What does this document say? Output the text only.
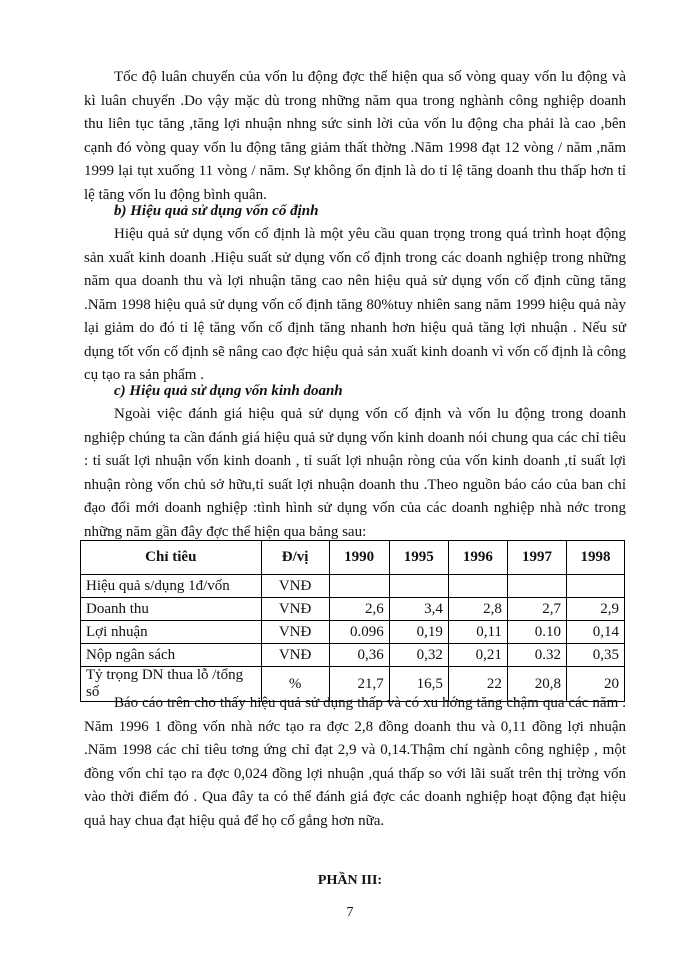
Tốc độ luân chuyển của vốn lu động đợc thể hiện qua số vòng quay vốn lu động và kì luân chuyển .Do vậy mặc dù trong những năm qua trong nghành công nghiệp doanh thu liên tục tăng ,tăng lợi nhuận nhng sức sinh lời của vốn lu động cha phải là cao ,bên cạnh đó vòng quay vốn lu động tăng giảm thất thờng .Năm 1998 đạt 12 vòng / năm ,năm 1999 lại tụt xuống 11 vòng / năm. Sự không ổn định là do tỉ lệ tăng doanh thu thấp hơn tỉ lệ tăng vốn lu động bình quân.

b) Hiệu quả sử dụng vốn cố định

Hiệu quả sử dụng vốn cố định là một yêu cầu quan trọng trong quá trình hoạt động sản xuất kinh doanh .Hiệu suất sử dụng vốn cố định trong các doanh nghiệp trong những năm qua doanh thu và lợi nhuận tăng cao nên hiệu quả sử dụng vốn cố định cũng tăng .Năm 1998 hiệu quả sử dụng vốn cố định tăng 80%tuy nhiên sang năm 1999 hiệu quả này lại giảm do đó tỉ lệ tăng vốn cố định tăng nhanh hơn hiệu quả tăng lợi nhuận . Nếu sử dụng tốt vốn cố định sẽ nâng cao đợc hiệu quả sản xuất kinh doanh vì vốn cố định là công cụ tạo ra sản phẩm .

c) Hiệu quả sử dụng vốn kinh doanh

Ngoài việc đánh giá hiệu quả sử dụng vốn cố định và vốn lu động trong doanh nghiệp chúng ta cần đánh giá hiệu quả sử dụng vốn kinh doanh nói chung qua các chỉ tiêu : tỉ suất lợi nhuận vốn kinh doanh , tỉ suất lợi nhuận ròng của vốn kinh doanh ,tỉ suất lợi nhuận ròng vốn chủ sở hữu,tỉ suất lợi nhuận doanh thu .Theo nguồn báo cáo của ban chỉ đạo đổi mới doanh nghiệp :tình hình sử dụng vốn của các doanh nghiệp nhà nớc trong những năm gần đây đợc thể hiện qua bảng sau:

Chỉ tiêu	Đ/vị	1990	1995	1996	1997	1998
Hiệu quả s/dụng 1đ/vốn	VNĐ					
Doanh thu	VNĐ	2,6	3,4	2,8	2,7	2,9
Lợi nhuận	VNĐ	0.096	0,19	0,11	0.10	0,14
Nộp ngân sách	VNĐ	0,36	0,32	0,21	0.32	0,35
Tỷ trọng DN thua lỗ /tổng số	%	21,7	16,5	22	20,8	20

Báo cáo trên cho thấy hiệu quả sử dụng thấp và có xu hớng tăng chậm qua các năm . Năm 1996 1 đồng vốn nhà nớc tạo ra đợc 2,8 đồng doanh thu và 0,11 đồng lợi nhuận .Năm 1998 các chỉ tiêu tơng ứng chỉ đạt 2,9 và 0,14.Thậm chí ngành công nghiệp , một đồng vốn chỉ tạo ra đợc 0,024 đồng lợi nhuận ,quá thấp so với lãi suất trên thị trờng vốn vào thời điểm đó . Qua đây ta có thể đánh giá đợc các doanh nghiệp hoạt động đạt hiệu quả hay chua đạt hiệu quả để họ cố gắng hơn nữa.

PHẦN III:
7
